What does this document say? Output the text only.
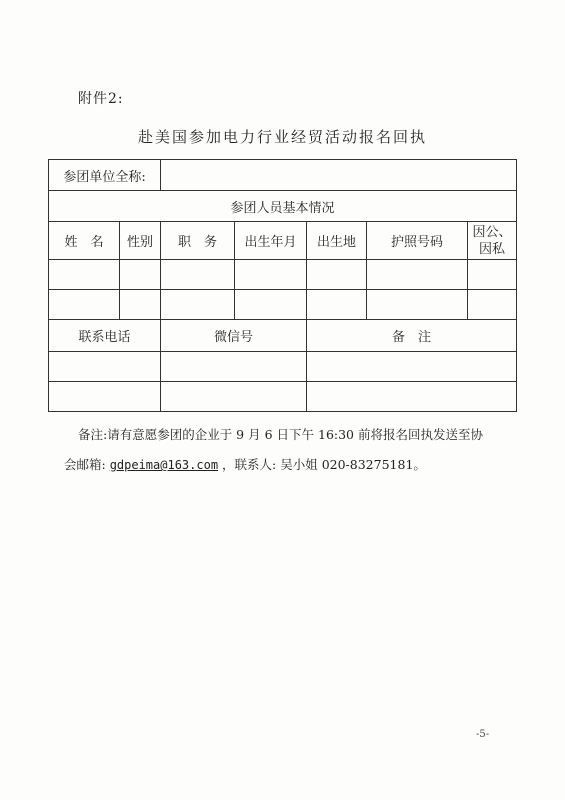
附件2:
赴美国参加电力行业经贸活动报名回执
参团单位全称:						
参团人员基本情况						
姓　名	性别	职　务	出生年月	出生地	护照号码	因公、
因私

联系电话		微信号		备　注		

备注:请有意愿参团的企业于 9 月 6 日下午 16:30 前将报名回执发送至协
会邮箱: gdpeima@163.com ，联系人: 吴小姐 020-83275181。
-5-
